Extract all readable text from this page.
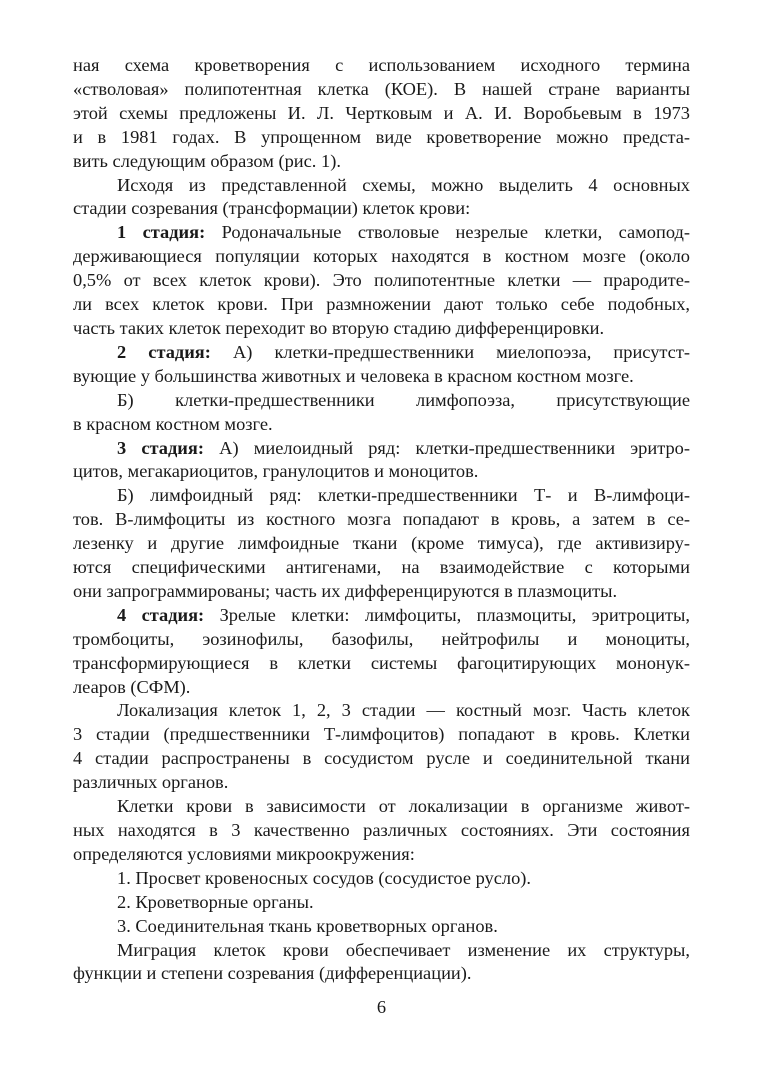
ная схема кроветворения с использованием исходного термина
«стволовая» полипотентная клетка (КОЕ). В нашей стране варианты
этой схемы предложены И. Л. Чертковым и А. И. Воробьевым в 1973
и в 1981 годах. В упрощенном виде кроветворение можно предста-
вить следующим образом (рис. 1).
Исходя из представленной схемы, можно выделить 4 основных
стадии созревания (трансформации) клеток крови:
1 стадия: Родоначальные стволовые незрелые клетки, самопод-
держивающиеся популяции которых находятся в костном мозге (около
0,5% от всех клеток крови). Это полипотентные клетки — прародите-
ли всех клеток крови. При размножении дают только себе подобных,
часть таких клеток переходит во вторую стадию дифференцировки.
2 стадия: А) клетки-предшественники миелопоэза, присутст-
вующие у большинства животных и человека в красном костном мозге.
Б) клетки-предшественники лимфопоэза, присутствующие
в красном костном мозге.
3 стадия: А) миелоидный ряд: клетки-предшественники эритро-
цитов, мегакариоцитов, гранулоцитов и моноцитов.
Б) лимфоидный ряд: клетки-предшественники Т- и В-лимфоци-
тов. В-лимфоциты из костного мозга попадают в кровь, а затем в се-
лезенку и другие лимфоидные ткани (кроме тимуса), где активизиру-
ются специфическими антигенами, на взаимодействие с которыми
они запрограммированы; часть их дифференцируются в плазмоциты.
4 стадия: Зрелые клетки: лимфоциты, плазмоциты, эритроциты,
тромбоциты, эозинофилы, базофилы, нейтрофилы и моноциты,
трансформирующиеся в клетки системы фагоцитирующих мононук-
леаров (СФМ).
Локализация клеток 1, 2, 3 стадии — костный мозг. Часть клеток
3 стадии (предшественники Т-лимфоцитов) попадают в кровь. Клетки
4 стадии распространены в сосудистом русле и соединительной ткани
различных органов.
Клетки крови в зависимости от локализации в организме живот-
ных находятся в 3 качественно различных состояниях. Эти состояния
определяются условиями микроокружения:
1. Просвет кровеносных сосудов (сосудистое русло).
2. Кроветворные органы.
3. Соединительная ткань кроветворных органов.
Миграция клеток крови обеспечивает изменение их структуры,
функции и степени созревания (дифференциации).
6
